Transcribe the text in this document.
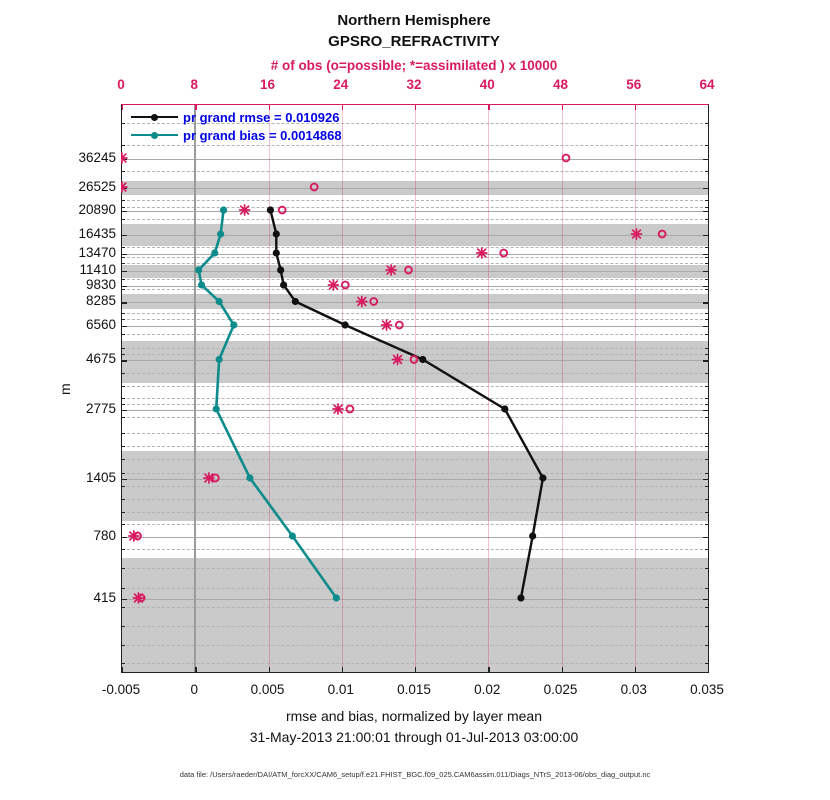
Northern Hemisphere
GPSRO_REFRACTIVITY
# of obs (o=possible; *=assimilated ) x 10000
pr grand rmse = 0.010926
pr grand bias = 0.0014868
m
rmse and bias, normalized by layer mean
31-May-2013 21:00:01 through 01-Jul-2013 03:00:00
data file: /Users/raeder/DAI/ATM_forcXX/CAM6_setup/f.e21.FHIST_BGC.f09_025.CAM6assim.011/Diags_NTrS_2013-06/obs_diag_output.nc
0	8	16	24	32	40	48	56	64
-0.005	0	0.005	0.01	0.015	0.02	0.025	0.03	0.035
36245
26525
20890
16435
13470
11410
9830
8285
6560
4675
2775
1405
780
415
